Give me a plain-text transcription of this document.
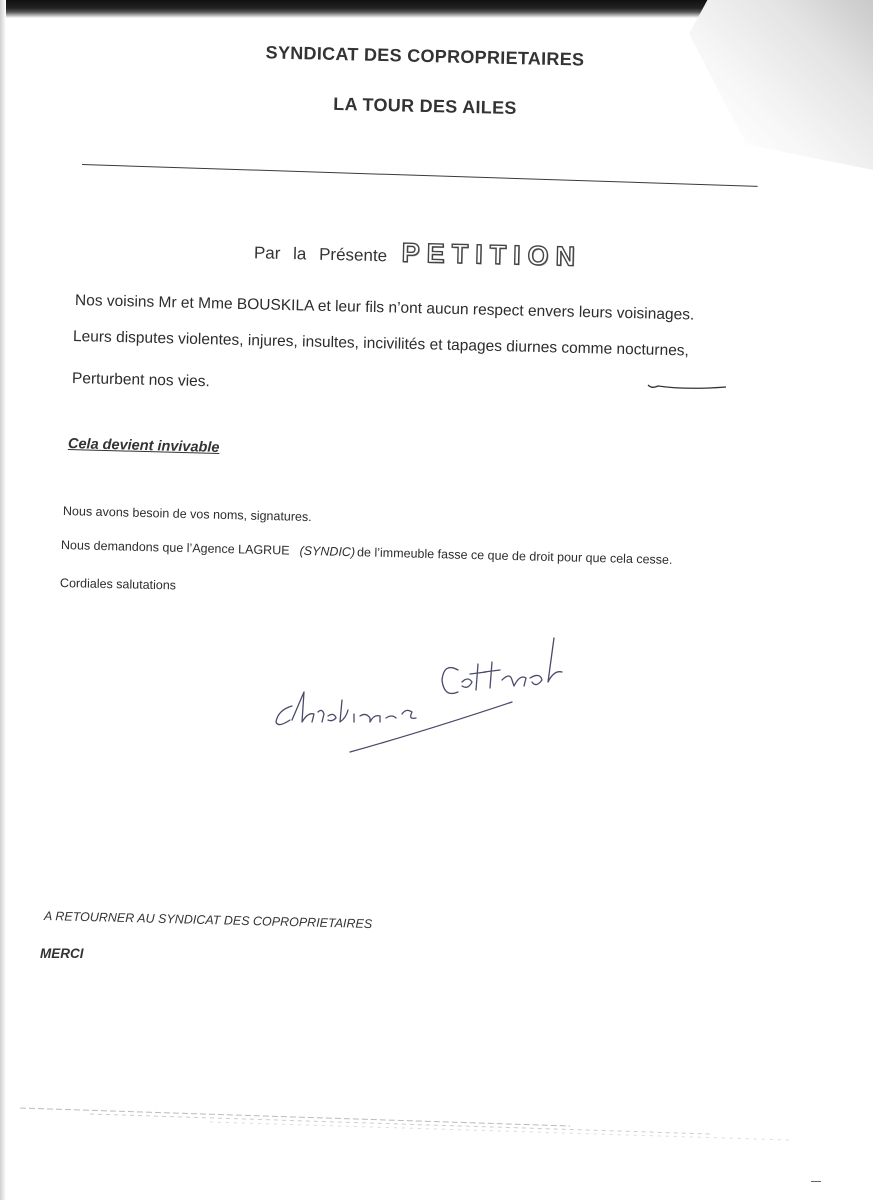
SYNDICAT DES COPROPRIETAIRES
LA TOUR DES AILES
Par la Présente PETITION
Nos voisins Mr et Mme BOUSKILA et leur fils n’ont aucun respect envers leurs voisinages.
Leurs disputes violentes, injures, insultes, incivilités et tapages diurnes comme nocturnes,
Perturbent nos vies.
Cela devient invivable
Nous avons besoin de vos noms, signatures.
Nous demandons que l’Agence LAGRUE (SYNDIC) de l’immeuble fasse ce que de droit pour que cela cesse.
Cordiales salutations
A RETOURNER AU SYNDICAT DES COPROPRIETAIRES
MERCI
